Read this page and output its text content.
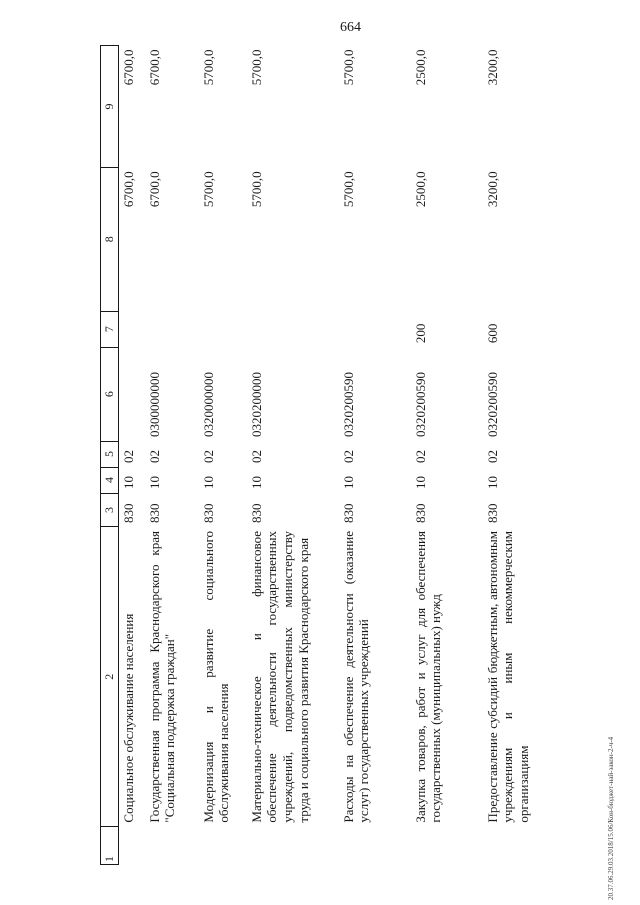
664
1	2	3	4	5	6	7	8	9
	Социальное обслуживание населения	830	10	02			6700,0	6700,0
	Государственная программа Краснодарского края "Социальная поддержка граждан"	830	10	02	0300000000		6700,0	6700,0
	Модернизация и развитие социального обслуживания населения	830	10	02	0320000000		5700,0	5700,0
	Материально-техническое и финансовое обеспечение деятельности государственных учреждений, подведомственных министерству труда и социального развития Краснодарского края	830	10	02	0320200000		5700,0	5700,0
	Расходы на обеспечение деятельности (оказание услуг) государственных учреждений	830	10	02	0320200590		5700,0	5700,0
	Закупка товаров, работ и услуг для обеспечения государственных (муниципальных) нужд	830	10	02	0320200590	200	2500,0	2500,0
	Предоставление субсидий бюджетным, автономным учреждениям и иным некоммерческим организациям	830	10	02	0320200590	600	3200,0	3200,0
20.37.06.29.03.2018/15.06/Кон-бюджет-най-закон-2-ч-4
